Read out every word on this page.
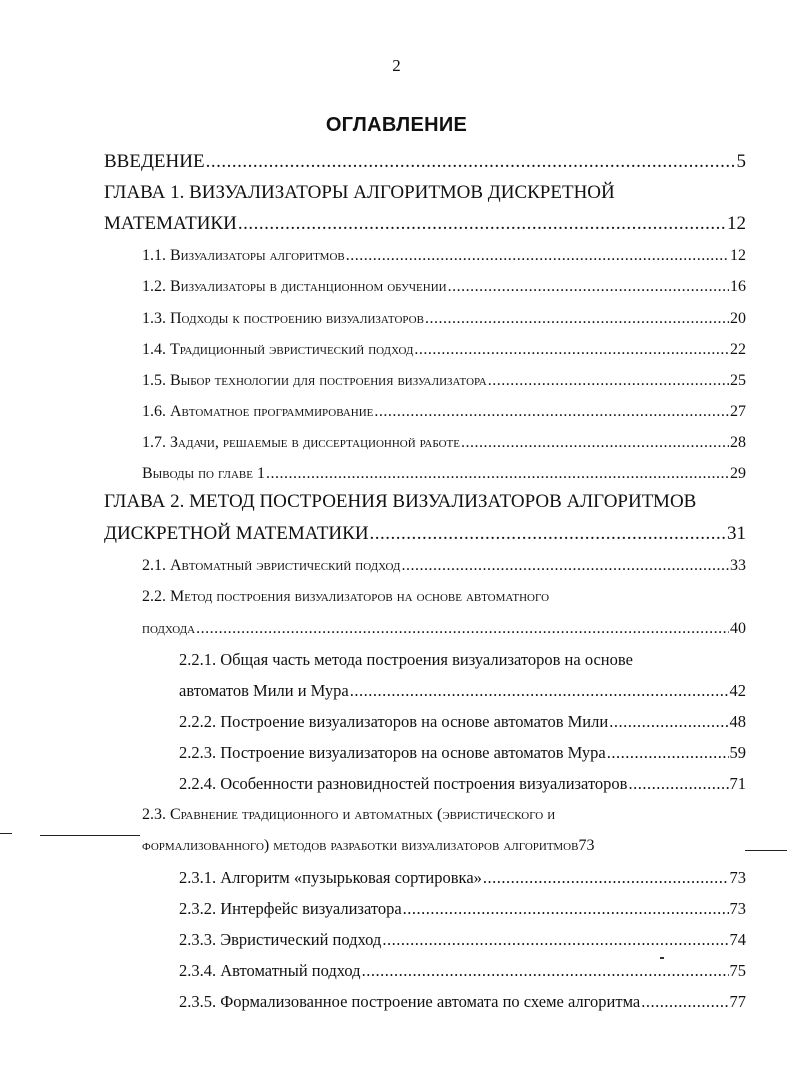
2
ОГЛАВЛЕНИЕ
ВВЕДЕНИЕ .....	5
ГЛАВА 1. ВИЗУАЛИЗАТОРЫ АЛГОРИТМОВ ДИСКРЕТНОЙ
МАТЕМАТИКИ .....	12
1.1. Визуализаторы алгоритмов .....	12
1.2. Визуализаторы в дистанционном обучении .....	16
1.3. Подходы к построению визуализаторов .....	20
1.4. Традиционный эвристический подход .....	22
1.5. Выбор технологии для построения визуализатора .....	25
1.6. Автоматное программирование .....	27
1.7. Задачи, решаемые в диссертационной работе .....	28
Выводы по главе 1 .....	29
ГЛАВА 2. МЕТОД ПОСТРОЕНИЯ ВИЗУАЛИЗАТОРОВ АЛГОРИТМОВ
ДИСКРЕТНОЙ МАТЕМАТИКИ .....	31
2.1. Автоматный эвристический подход .....	33
2.2. Метод построения визуализаторов на основе автоматного
подхода .....	40
2.2.1. Общая часть метода построения визуализаторов на основе
автоматов Мили и Мура .....	42
2.2.2. Построение визуализаторов на основе автоматов Мили .....	48
2.2.3. Построение визуализаторов на основе автоматов Мура .....	59
2.2.4. Особенности разновидностей построения визуализаторов .....	71
2.3. Сравнение традиционного и автоматных (эвристического и
формализованного) методов разработки визуализаторов алгоритмов 73
2.3.1. Алгоритм «пузырьковая сортировка» .....	73
2.3.2. Интерфейс визуализатора .....	73
2.3.3. Эвристический подход .....	74
2.3.4. Автоматный подход .....	75
2.3.5. Формализованное построение автомата по схеме алгоритма .....	77
